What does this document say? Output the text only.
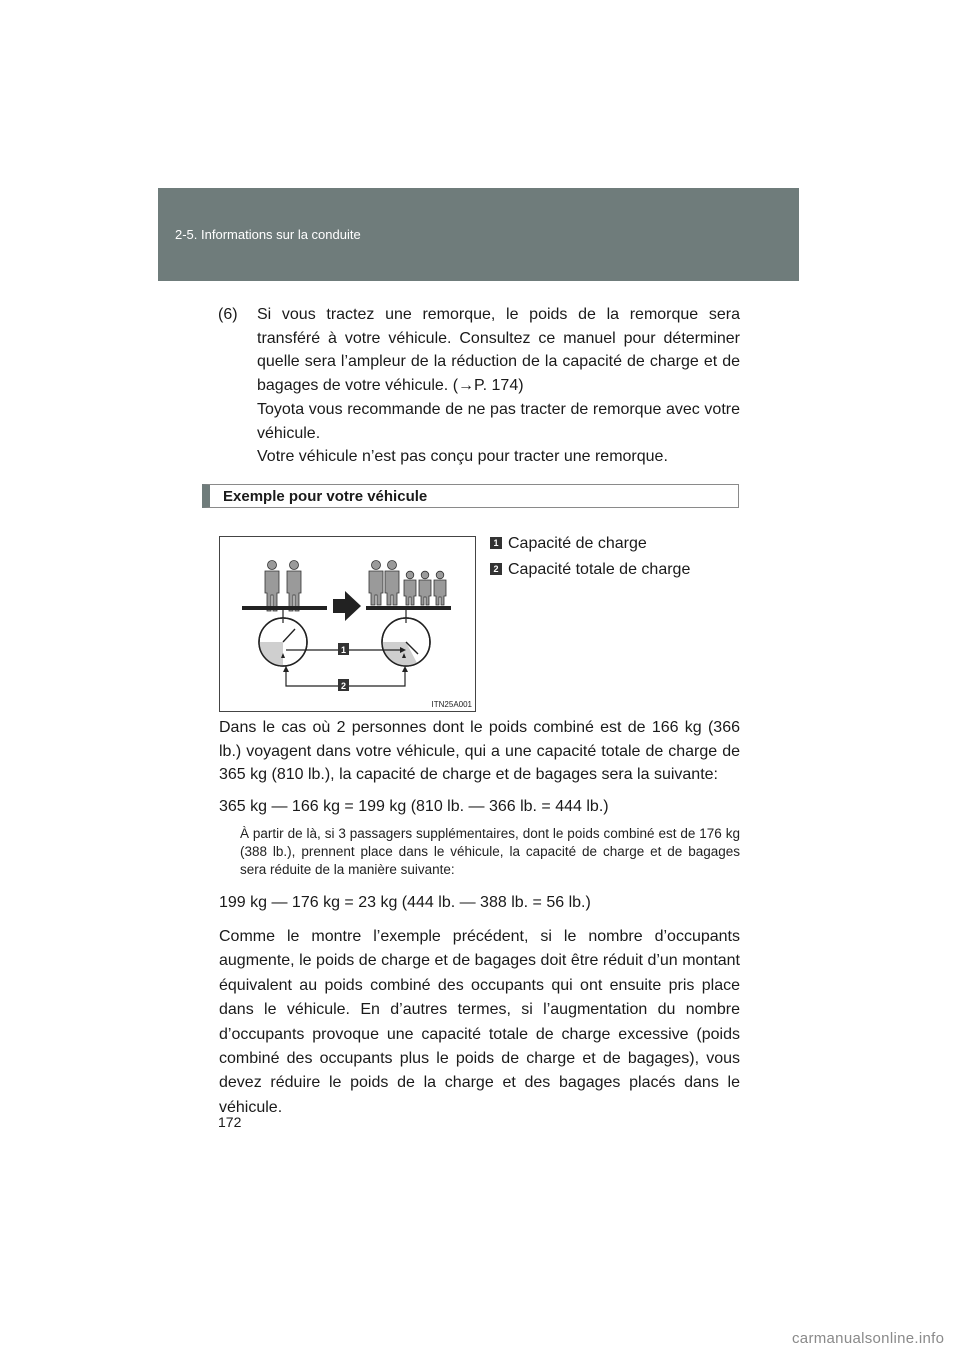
2-5. Informations sur la conduite
(6) Si vous tractez une remorque, le poids de la remorque sera transféré à votre véhicule. Consultez ce manuel pour déterminer quelle sera l’ampleur de la réduction de la capacité de charge et de bagages de votre véhicule. (→P. 174)
Toyota vous recommande de ne pas tracter de remorque avec votre véhicule.
Votre véhicule n’est pas conçu pour tracter une remorque.
Exemple pour votre véhicule
1
2
ITN25A001
1 Capacité de charge
2 Capacité totale de charge
Dans le cas où 2 personnes dont le poids combiné est de 166 kg (366 lb.) voyagent dans votre véhicule, qui a une capacité totale de charge de 365 kg (810 lb.), la capacité de charge et de bagages sera la suivante:
365 kg — 166 kg = 199 kg (810 lb. — 366 lb. = 444 lb.)
À partir de là, si 3 passagers supplémentaires, dont le poids combiné est de 176 kg (388 lb.), prennent place dans le véhicule, la capacité de charge et de bagages sera réduite de la manière suivante:
199 kg — 176 kg = 23 kg (444 lb. — 388 lb. = 56 lb.)
Comme le montre l’exemple précédent, si le nombre d’occupants augmente, le poids de charge et de bagages doit être réduit d’un montant équivalent au poids combiné des occupants qui ont ensuite pris place dans le véhicule. En d’autres termes, si l’augmentation du nombre d’occupants provoque une capacité totale de charge excessive (poids combiné des occupants plus le poids de charge et de bagages), vous devez réduire le poids de la charge et des bagages placés dans le véhicule.
172
carmanualsonline.info
